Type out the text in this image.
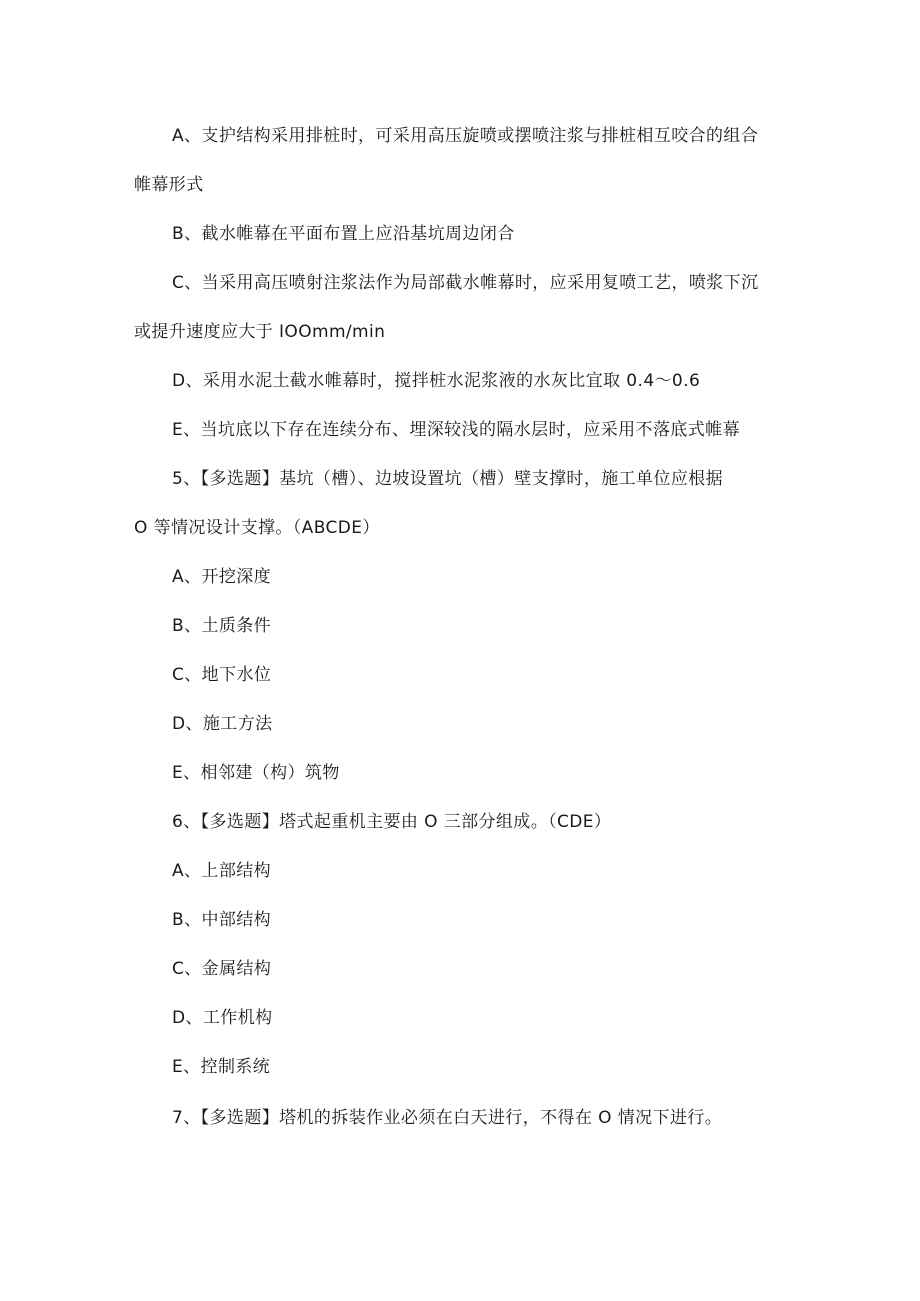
A、支护结构采用排桩时，可采用高压旋喷或摆喷注浆与排桩相互咬合的组合
帷幕形式
B、截水帷幕在平面布置上应沿基坑周边闭合
C、当采用高压喷射注浆法作为局部截水帷幕时，应采用复喷工艺，喷浆下沉
或提升速度应大于 IOOmm∕min
D、采用水泥土截水帷幕时，搅拌桩水泥浆液的水灰比宜取 0.4～0.6
E、当坑底以下存在连续分布、埋深较浅的隔水层时，应采用不落底式帷幕
5、【多选题】基坑（槽）、边坡设置坑（槽）壁支撑时，施工单位应根据
O 等情况设计支撑。（ABCDE）
A、开挖深度
B、土质条件
C、地下水位
D、施工方法
E、相邻建（构）筑物
6、【多选题】塔式起重机主要由 O 三部分组成。（CDE）
A、上部结构
B、中部结构
C、金属结构
D、工作机构
E、控制系统
7、【多选题】塔机的拆装作业必须在白天进行，不得在 O 情况下进行。
